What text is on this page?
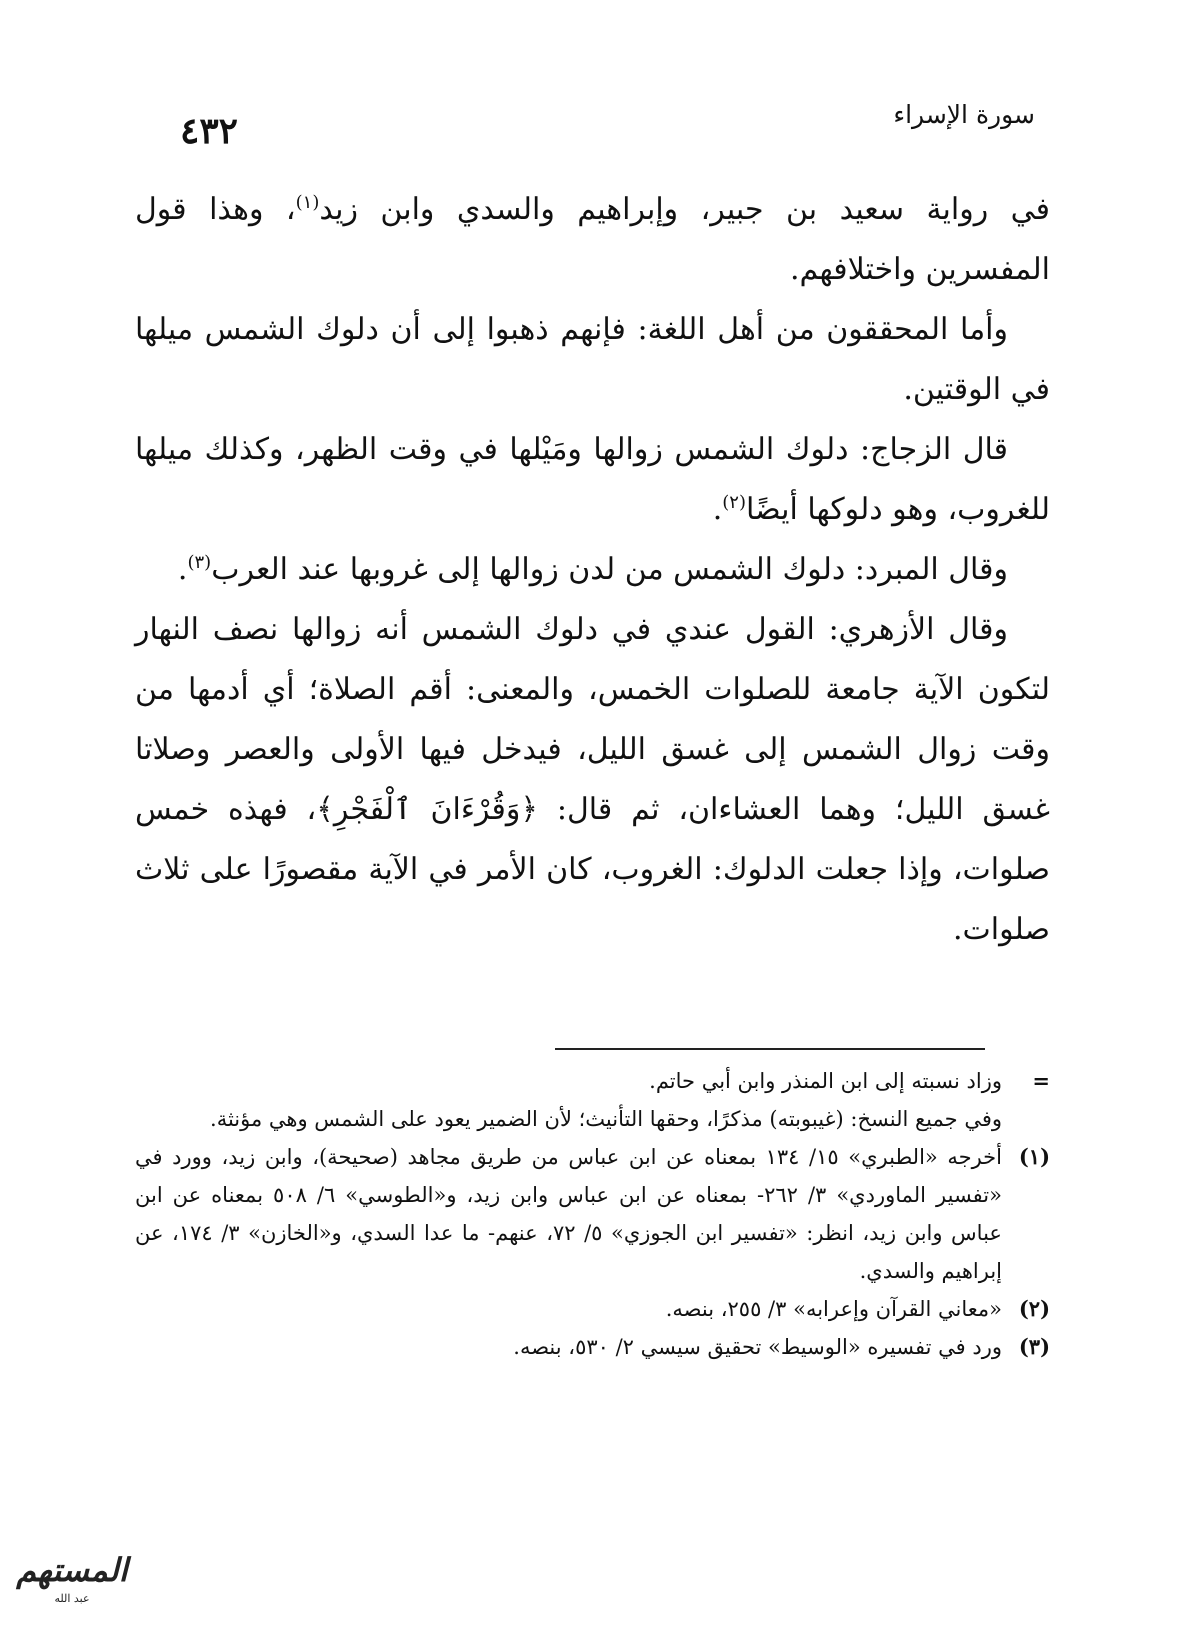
٤٣٢	سورة الإسراء

في رواية سعيد بن جبير، وإبراهيم والسدي وابن زيد$^{(١)}$، وهذا قول المفسرين واختلافهم.

وأما المحققون من أهل اللغة: فإنهم ذهبوا إلى أن دلوك الشمس ميلها في الوقتين.

قال الزجاج: دلوك الشمس زوالها ومَيْلها في وقت الظهر، وكذلك ميلها للغروب، وهو دلوكها أيضًا$^{(٢)}$.

وقال المبرد: دلوك الشمس من لدن زوالها إلى غروبها عند العرب$^{(٣)}$.

وقال الأزهري: القول عندي في دلوك الشمس أنه زوالها نصف النهار لتكون الآية جامعة للصلوات الخمس، والمعنى: أقم الصلاة؛ أي أدمها من وقت زوال الشمس إلى غسق الليل، فيدخل فيها الأولى والعصر وصلاتا غسق الليل؛ وهما العشاءان، ثم قال: ﴿وَقُرْءَانَ ٱلْفَجْرِ﴾، فهذه خمس صلوات، وإذا جعلت الدلوك: الغروب، كان الأمر في الآية مقصورًا على ثلاث صلوات.

=

وزاد نسبته إلى ابن المنذر وابن أبي حاتم.

وفي جميع النسخ: (غيبوبته) مذكرًا، وحقها التأنيث؛ لأن الضمير يعود على الشمس وهي مؤنثة.

(١)

أخرجه «الطبري» ١٥/ ١٣٤ بمعناه عن ابن عباس من طريق مجاهد (صحيحة)، وابن زيد، وورد في «تفسير الماوردي» ٣/ ٢٦٢- بمعناه عن ابن عباس وابن زيد، و«الطوسي» ٦/ ٥٠٨ بمعناه عن ابن عباس وابن زيد، انظر: «تفسير ابن الجوزي» ٥/ ٧٢، عنهم- ما عدا السدي، و«الخازن» ٣/ ١٧٤، عن إبراهيم والسدي.

(٢)

«معاني القرآن وإعرابه» ٣/ ٢٥٥، بنصه.

(٣)

ورد في تفسيره «الوسيط» تحقيق سيسي ٢/ ٥٣٠، بنصه.

المستهم
عبد الله
